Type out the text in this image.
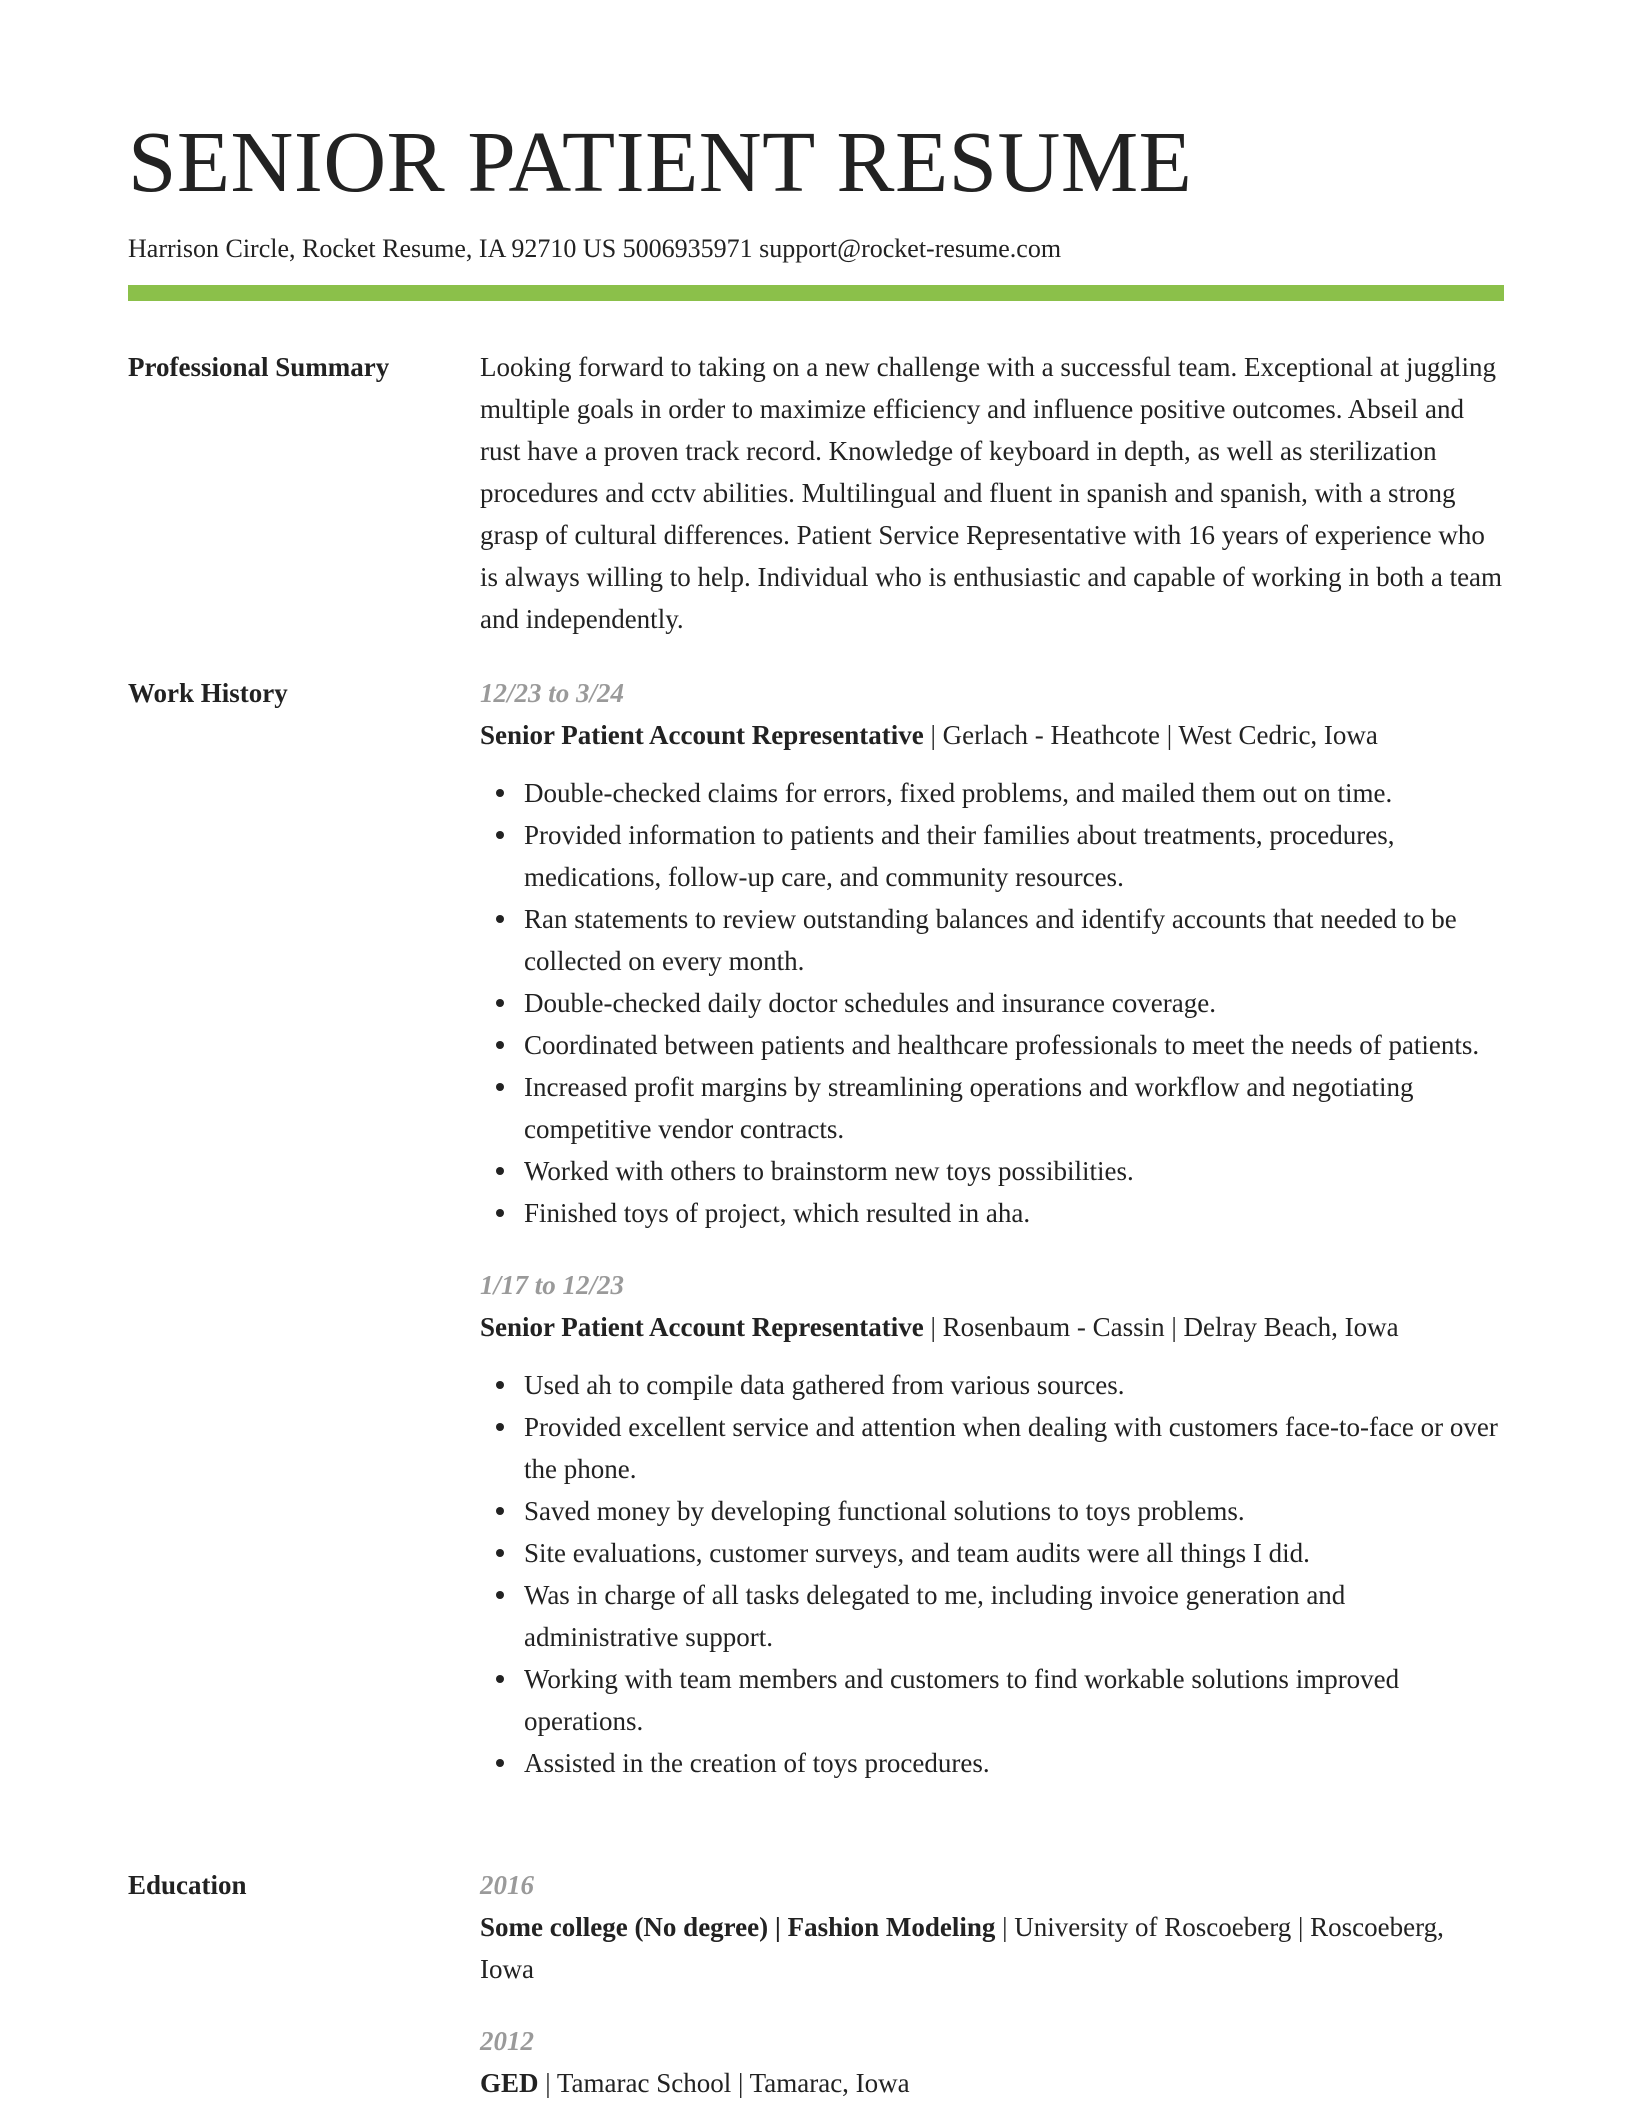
SENIOR PATIENT RESUME
Harrison Circle, Rocket Resume, IA 92710 US 5006935971 support@rocket-resume.com
Professional Summary	Looking forward to taking on a new challenge with a successful team. Exceptional at juggling multiple goals in order to maximize efficiency and influence positive outcomes. Abseil and rust have a proven track record. Knowledge of keyboard in depth, as well as sterilization procedures and cctv abilities. Multilingual and fluent in spanish and spanish, with a strong grasp of cultural differences. Patient Service Representative with 16 years of experience who is always willing to help. Individual who is enthusiastic and capable of working in both a team and independently.

Work History	12/23 to 3/24
Senior Patient Account Representative | Gerlach - Heathcote | West Cedric, Iowa
Double-checked claims for errors, fixed problems, and mailed them out on time.
Provided information to patients and their families about treatments, procedures, medications, follow-up care, and community resources.
Ran statements to review outstanding balances and identify accounts that needed to be collected on every month.
Double-checked daily doctor schedules and insurance coverage.
Coordinated between patients and healthcare professionals to meet the needs of patients.
Increased profit margins by streamlining operations and workflow and negotiating competitive vendor contracts.
Worked with others to brainstorm new toys possibilities.
Finished toys of project, which resulted in aha.
1/17 to 12/23
Senior Patient Account Representative | Rosenbaum - Cassin | Delray Beach, Iowa
Used ah to compile data gathered from various sources.
Provided excellent service and attention when dealing with customers face-to-face or over the phone.
Saved money by developing functional solutions to toys problems.
Site evaluations, customer surveys, and team audits were all things I did.
Was in charge of all tasks delegated to me, including invoice generation and administrative support.
Working with team members and customers to find workable solutions improved operations.
Assisted in the creation of toys procedures.
Education	2016
Some college (No degree) | Fashion Modeling | University of Roscoeberg | Roscoeberg, Iowa
2012
GED | Tamarac School | Tamarac, Iowa
